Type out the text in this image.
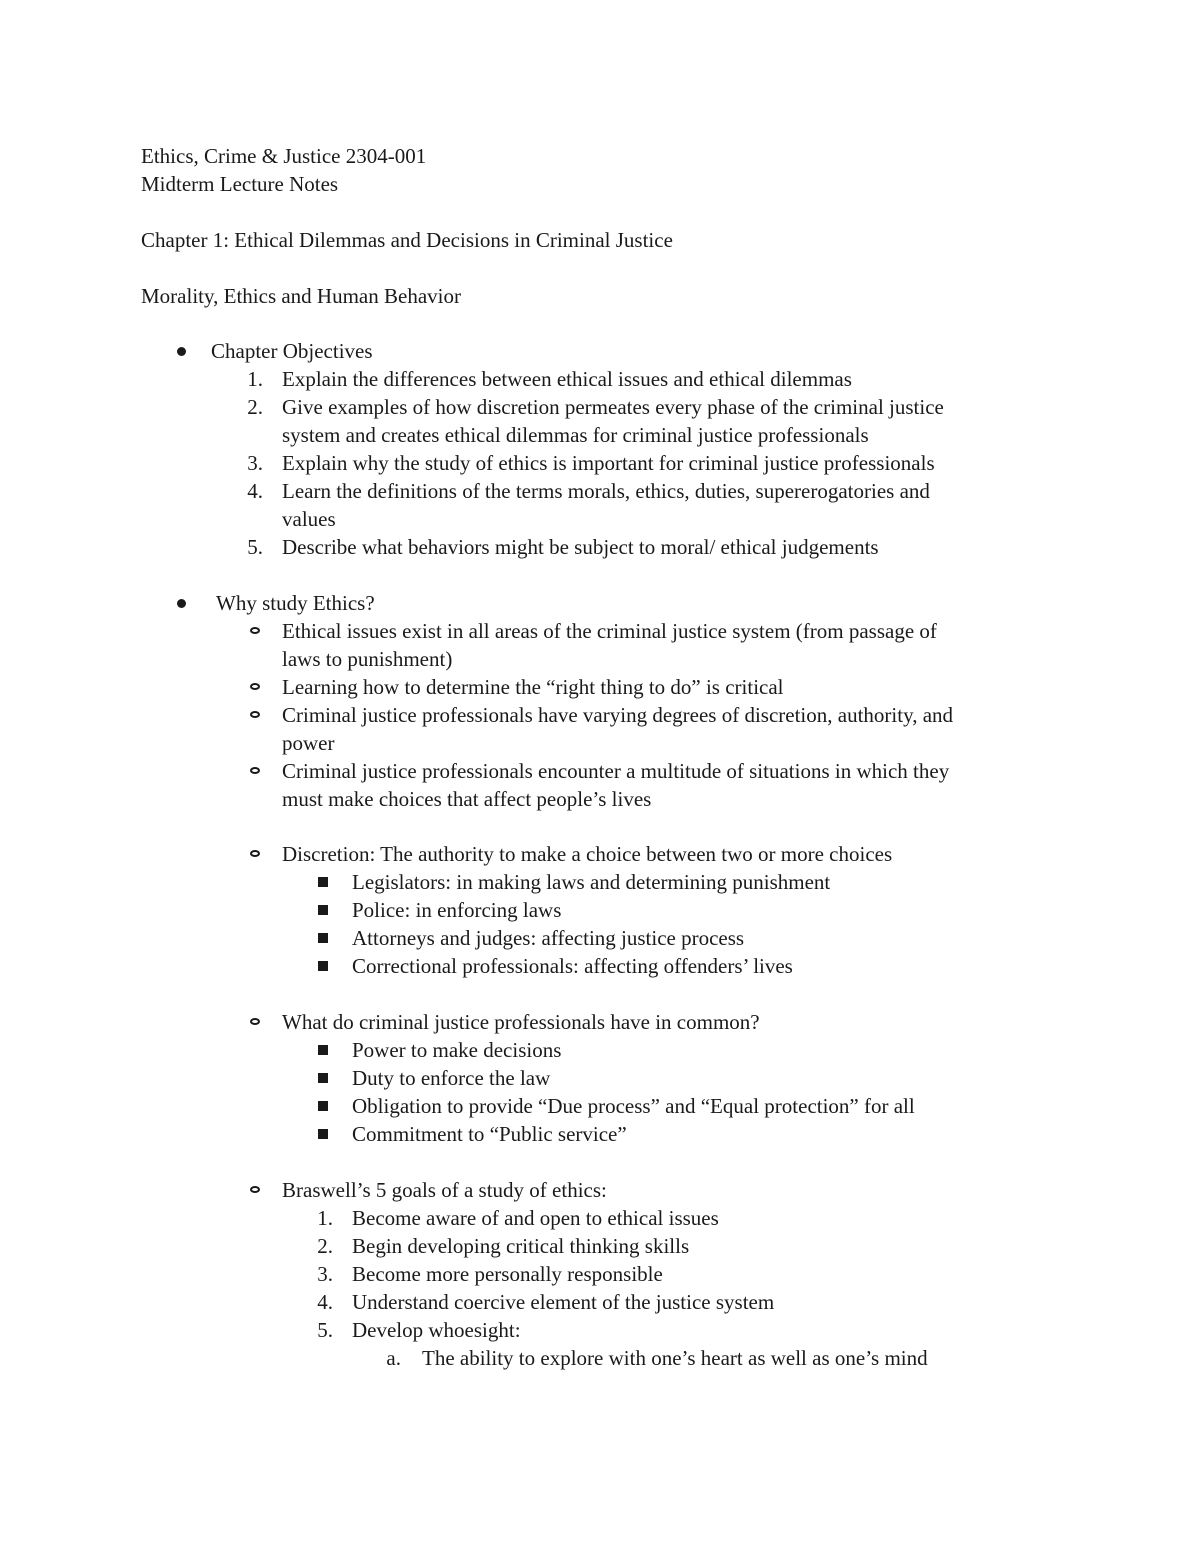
Ethics, Crime & Justice 2304-001
Midterm Lecture Notes
Chapter 1: Ethical Dilemmas and Decisions in Criminal Justice
Morality, Ethics and Human Behavior
Chapter Objectives
1. Explain the differences between ethical issues and ethical dilemmas
2. Give examples of how discretion permeates every phase of the criminal justice
system and creates ethical dilemmas for criminal justice professionals
3. Explain why the study of ethics is important for criminal justice professionals
4. Learn the definitions of the terms morals, ethics, duties, supererogatories and
values
5. Describe what behaviors might be subject to moral/ ethical judgements
Why study Ethics?
Ethical issues exist in all areas of the criminal justice system (from passage of
laws to punishment)
Learning how to determine the “right thing to do” is critical
Criminal justice professionals have varying degrees of discretion, authority, and
power
Criminal justice professionals encounter a multitude of situations in which they
must make choices that affect people’s lives
Discretion: The authority to make a choice between two or more choices
Legislators: in making laws and determining punishment
Police: in enforcing laws
Attorneys and judges: affecting justice process
Correctional professionals: affecting offenders’ lives
What do criminal justice professionals have in common?
Power to make decisions
Duty to enforce the law
Obligation to provide “Due process” and “Equal protection” for all
Commitment to “Public service”
Braswell’s 5 goals of a study of ethics:
1. Become aware of and open to ethical issues
2. Begin developing critical thinking skills
3. Become more personally responsible
4. Understand coercive element of the justice system
5. Develop whoesight:
a. The ability to explore with one’s heart as well as one’s mind
